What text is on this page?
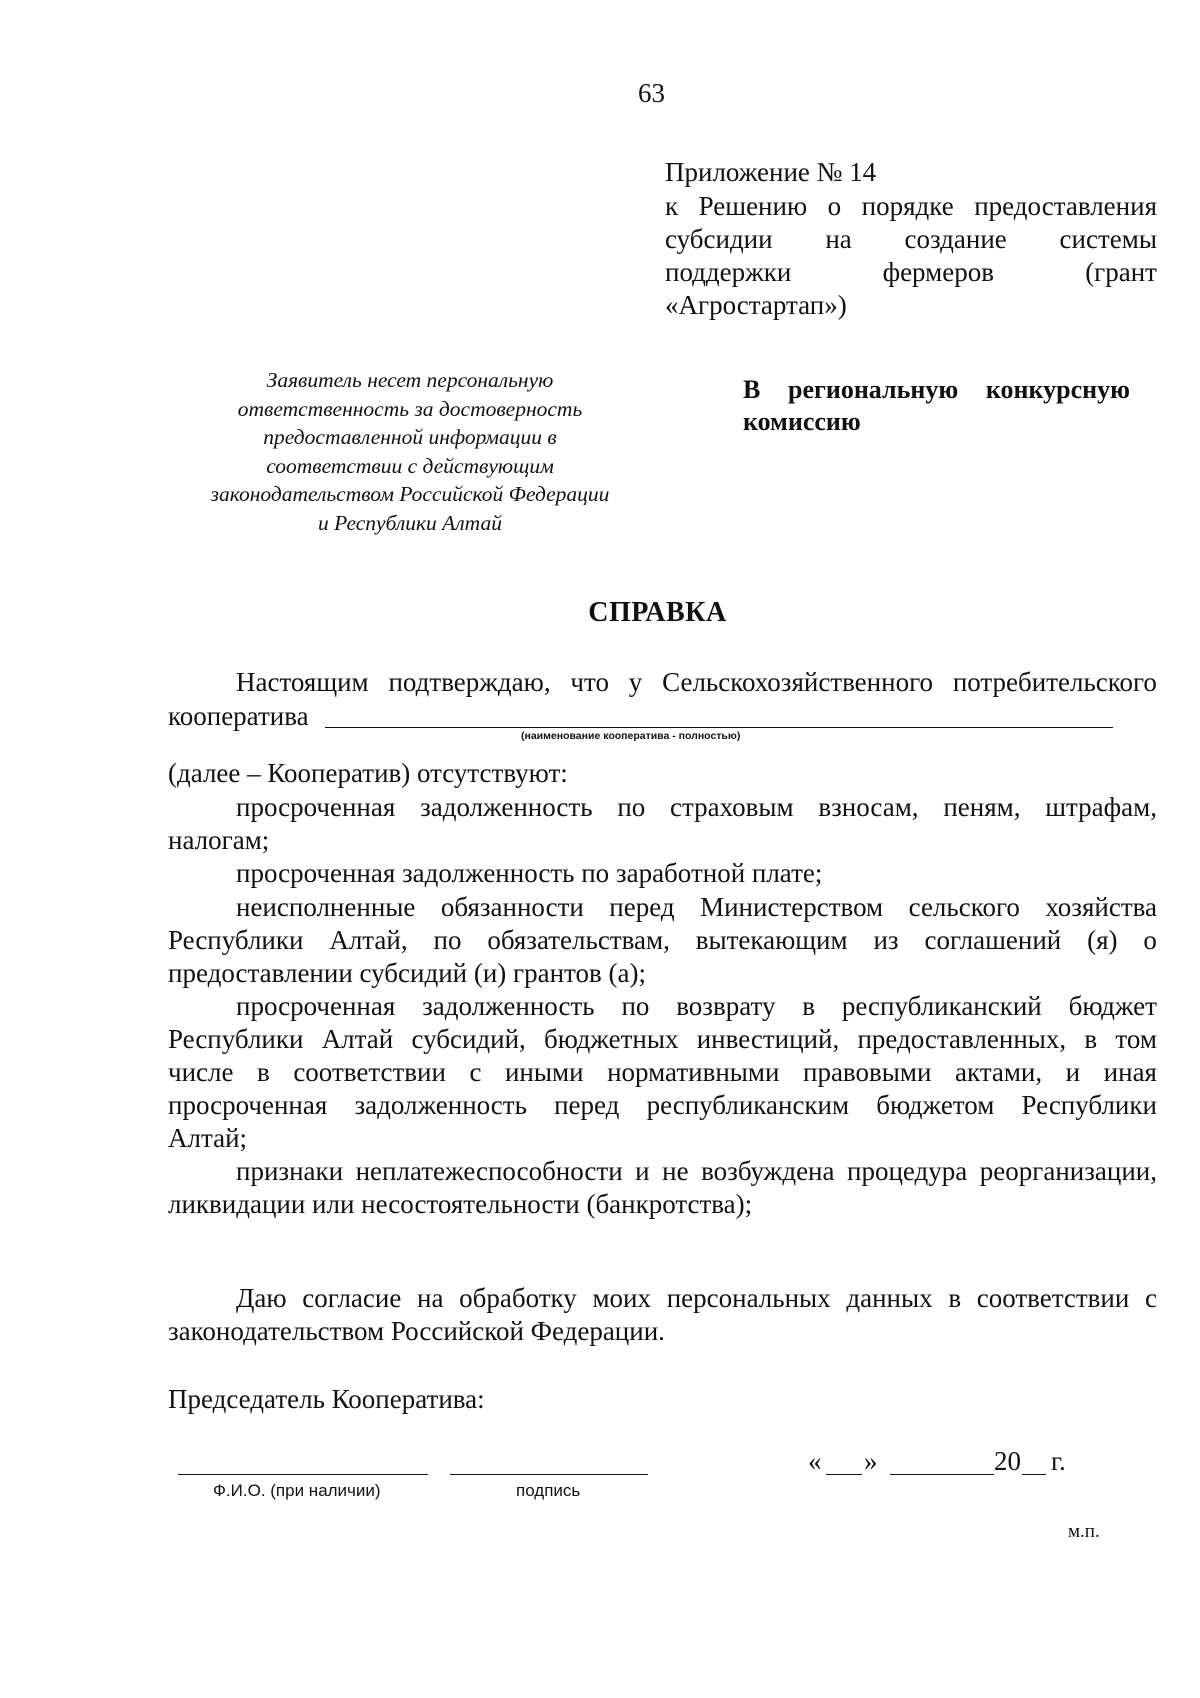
63
Приложение № 14
к Решению о порядке предоставления
субсидии на создание системы
поддержки	фермеров	(грант
«Агростартап»)
Заявитель несет персональную
ответственность за достоверность
предоставленной информации в
соответствии с действующим
законодательством Российской Федерации
и Республики Алтай
В региональную конкурсную
комиссию
СПРАВКА
Настоящим подтверждаю, что у Сельскохозяйственного потребительского
кооператива
(наименование кооператива - полностью)
(далее – Кооператив) отсутствуют:
просроченная задолженность по страховым взносам, пеням, штрафам,
налогам;
просроченная задолженность по заработной плате;
неисполненные обязанности перед Министерством сельского хозяйства
Республики Алтай, по обязательствам, вытекающим из соглашений (я) о
предоставлении субсидий (и) грантов (а);
просроченная задолженность по возврату в республиканский бюджет
Республики Алтай субсидий, бюджетных инвестиций, предоставленных, в том
числе в соответствии с иными нормативными правовыми актами, и иная
просроченная задолженность перед республиканским бюджетом Республики
Алтай;
признаки неплатежеспособности и не возбуждена процедура реорганизации,
ликвидации или несостоятельности (банкротства);
Даю согласие на обработку моих персональных данных в соответствии с
законодательством Российской Федерации.
Председатель Кооператива:
Ф.И.О. (при наличии)	подпись
« »	20 г.
м.п.
